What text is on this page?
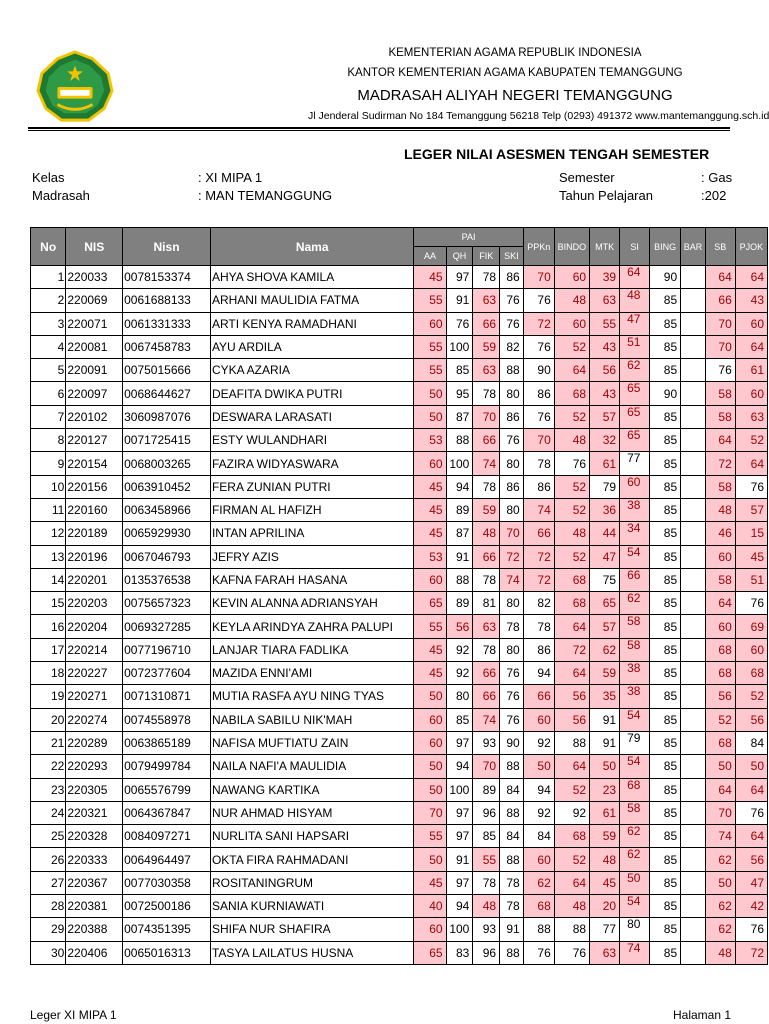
KEMENTERIAN AGAMA REPUBLIK INDONESIA
KANTOR KEMENTERIAN AGAMA KABUPATEN TEMANGGUNG
MADRASAH ALIYAH NEGERI TEMANGGUNG
Jl Jenderal Sudirman No 184 Temanggung 56218 Telp (0293) 491372 www.mantemanggung.sch.id
LEGER NILAI ASESMEN TENGAH SEMESTER
Kelas	: XI MIPA 1
Madrasah	: MAN TEMANGGUNG
Semester	: Gas
Tahun Pelajaran	:202
No	NIS	Nisn	Nama	PAI				PPKn	BINDO	MTK	SI	BING	BAR	SB	PJOK
				AA	QH	FIK	SKI								
1	220033	0078153374	AHYA SHOVA KAMILA	45	97	78	86	70	60	39	64	90		64	64
2	220069	0061688133	ARHANI MAULIDIA FATMA	55	91	63	76	76	48	63	48	85		66	43
3	220071	0061331333	ARTI KENYA RAMADHANI	60	76	66	76	72	60	55	47	85		70	60
4	220081	0067458783	AYU ARDILA	55	100	59	82	76	52	43	51	85		70	64
5	220091	0075015666	CYKA AZARIA	55	85	63	88	90	64	56	62	85		76	61
6	220097	0068644627	DEAFITA DWIKA PUTRI	50	95	78	80	86	68	43	65	90		58	60
7	220102	3060987076	DESWARA LARASATI	50	87	70	86	76	52	57	65	85		58	63
8	220127	0071725415	ESTY WULANDHARI	53	88	66	76	70	48	32	65	85		64	52
9	220154	0068003265	FAZIRA WIDYASWARA	60	100	74	80	78	76	61	77	85		72	64
10	220156	0063910452	FERA ZUNIAN PUTRI	45	94	78	86	86	52	79	60	85		58	76
11	220160	0063458966	FIRMAN AL HAFIZH	45	89	59	80	74	52	36	38	85		48	57
12	220189	0065929930	INTAN APRILINA	45	87	48	70	66	48	44	34	85		46	15
13	220196	0067046793	JEFRY AZIS	53	91	66	72	72	52	47	54	85		60	45
14	220201	0135376538	KAFNA FARAH HASANA	60	88	78	74	72	68	75	66	85		58	51
15	220203	0075657323	KEVIN ALANNA ADRIANSYAH	65	89	81	80	82	68	65	62	85		64	76
16	220204	0069327285	KEYLA ARINDYA ZAHRA PALUPI	55	56	63	78	78	64	57	58	85		60	69
17	220214	0077196710	LANJAR TIARA FADLIKA	45	92	78	80	86	72	62	58	85		68	60
18	220227	0072377604	MAZIDA ENNI'AMI	45	92	66	76	94	64	59	38	85		68	68
19	220271	0071310871	MUTIA RASFA AYU NING TYAS	50	80	66	76	66	56	35	38	85		56	52
20	220274	0074558978	NABILA SABILU NIK'MAH	60	85	74	76	60	56	91	54	85		52	56
21	220289	0063865189	NAFISA MUFTIATU ZAIN	60	97	93	90	92	88	91	79	85		68	84
22	220293	0079499784	NAILA NAFI'A MAULIDIA	50	94	70	88	50	64	50	54	85		50	50
23	220305	0065576799	NAWANG KARTIKA	50	100	89	84	94	52	23	68	85		64	64
24	220321	0064367847	NUR AHMAD HISYAM	70	97	96	88	92	92	61	58	85		70	76
25	220328	0084097271	NURLITA SANI HAPSARI	55	97	85	84	84	68	59	62	85		74	64
26	220333	0064964497	OKTA FIRA RAHMADANI	50	91	55	88	60	52	48	62	85		62	56
27	220367	0077030358	ROSITANINGRUM	45	97	78	78	62	64	45	50	85		50	47
28	220381	0072500186	SANIA KURNIAWATI	40	94	48	78	68	48	20	54	85		62	42
29	220388	0074351395	SHIFA NUR SHAFIRA	60	100	93	91	88	88	77	80	85		62	76
30	220406	0065016313	TASYA LAILATUS HUSNA	65	83	96	88	76	76	63	74	85		48	72
Leger XI MIPA 1	Halaman 1
